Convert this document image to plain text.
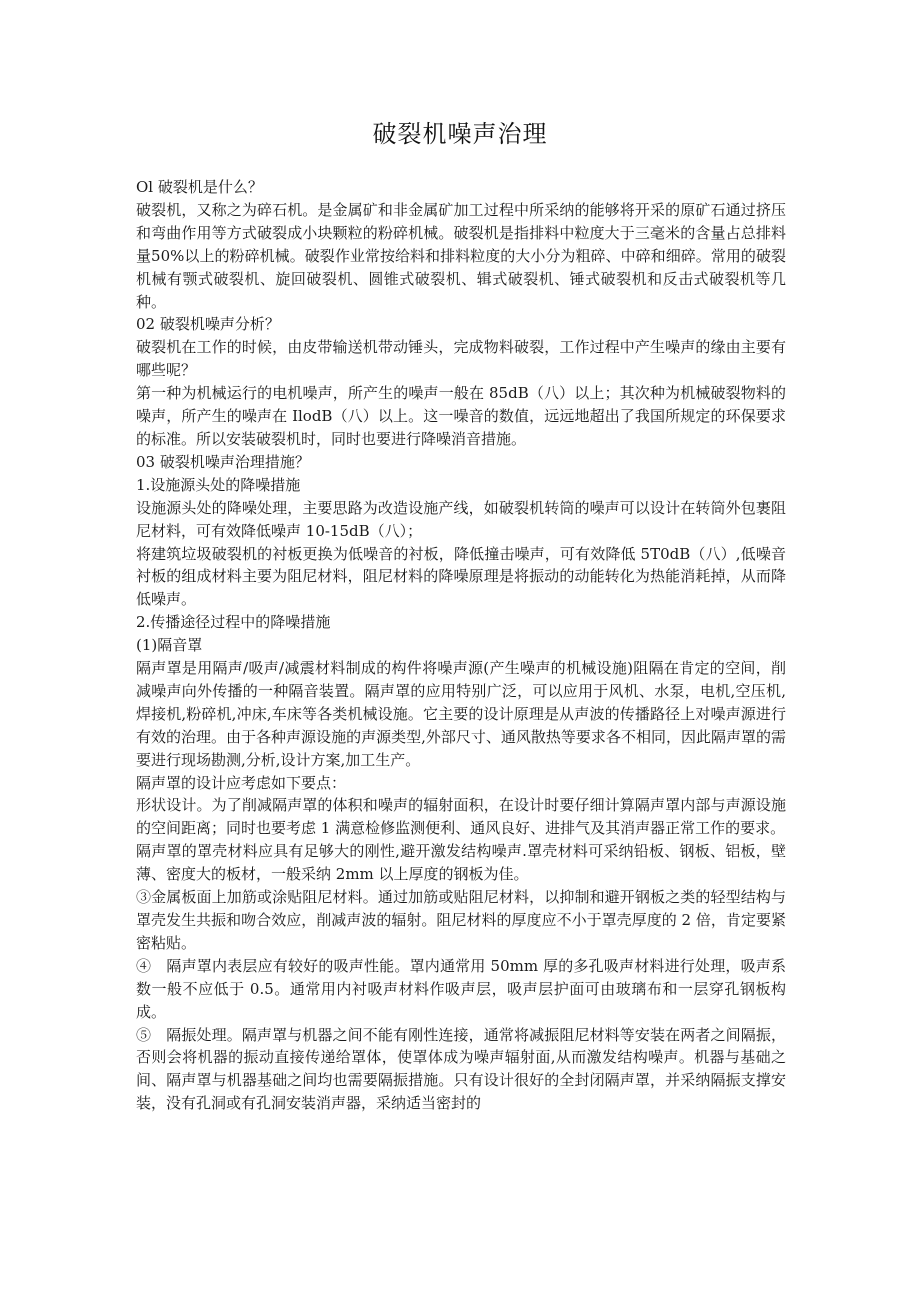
破裂机噪声治理

Ol 破裂机是什么？

破裂机，又称之为碎石机。是金属矿和非金属矿加工过程中所采纳的能够将开采的原矿石通过挤压和弯曲作用等方式破裂成小块颗粒的粉碎机械。破裂机是指排料中粒度大于三毫米的含量占总排料量50%以上的粉碎机械。破裂作业常按给料和排料粒度的大小分为粗碎、中碎和细碎。常用的破裂机械有颚式破裂机、旋回破裂机、圆锥式破裂机、辑式破裂机、锤式破裂机和反击式破裂机等几种。

02 破裂机噪声分析？

破裂机在工作的时候，由皮带输送机带动锤头，完成物料破裂，工作过程中产生噪声的缘由主要有哪些呢？

第一种为机械运行的电机噪声，所产生的噪声一般在 85dB（八）以上；其次种为机械破裂物料的噪声，所产生的噪声在 IlodB（八）以上。这一噪音的数值，远远地超出了我国所规定的环保要求的标准。所以安装破裂机时，同时也要进行降噪消音措施。

03 破裂机噪声治理措施？

1.设施源头处的降噪措施

设施源头处的降噪处理，主要思路为改造设施产线，如破裂机转筒的噪声可以设计在转筒外包裹阻尼材料，可有效降低噪声 10-15dB（八）；

将建筑垃圾破裂机的衬板更换为低噪音的衬板，降低撞击噪声，可有效降低 5T0dB（八）,低噪音衬板的组成材料主要为阻尼材料，阻尼材料的降噪原理是将振动的动能转化为热能消耗掉，从而降低噪声。

2.传播途径过程中的降噪措施

(1)隔音罩

隔声罩是用隔声/吸声/减震材料制成的构件将噪声源(产生噪声的机械设施)阻隔在肯定的空间，削减噪声向外传播的一种隔音装置。隔声罩的应用特别广泛，可以应用于风机、水泵，电机,空压机,焊接机,粉碎机,冲床,车床等各类机械设施。它主要的设计原理是从声波的传播路径上对噪声源进行有效的治理。由于各种声源设施的声源类型,外部尺寸、通风散热等要求各不相同，因此隔声罩的需要进行现场勘测,分析,设计方案,加工生产。

隔声罩的设计应考虑如下要点：

形状设计。为了削减隔声罩的体积和噪声的辐射面积，在设计时要仔细计算隔声罩内部与声源设施的空间距离；同时也要考虑 1 满意检修监测便利、通风良好、进排气及其消声器正常工作的要求。

隔声罩的罩壳材料应具有足够大的刚性,避开激发结构噪声.罩壳材料可采纳铅板、钢板、铝板，壁薄、密度大的板材，一般采纳 2mm 以上厚度的钢板为佳。

③金属板面上加筋或涂贴阻尼材料。通过加筋或贴阻尼材料，以抑制和避开钢板之类的轻型结构与罩壳发生共振和吻合效应，削减声波的辐射。阻尼材料的厚度应不小于罩壳厚度的 2 倍，肯定要紧密粘贴。

④　隔声罩内表层应有较好的吸声性能。罩内通常用 50mm 厚的多孔吸声材料进行处理，吸声系数一般不应低于 0.5。通常用内衬吸声材料作吸声层，吸声层护面可由玻璃布和一层穿孔钢板构成。

⑤　隔振处理。隔声罩与机器之间不能有刚性连接，通常将减振阻尼材料等安装在两者之间隔振，否则会将机器的振动直接传递给罩体，使罩体成为噪声辐射面,从而激发结构噪声。机器与基础之间、隔声罩与机器基础之间均也需要隔振措施。只有设计很好的全封闭隔声罩，并采纳隔振支撑安装，没有孔洞或有孔洞安装消声器，采纳适当密封的
